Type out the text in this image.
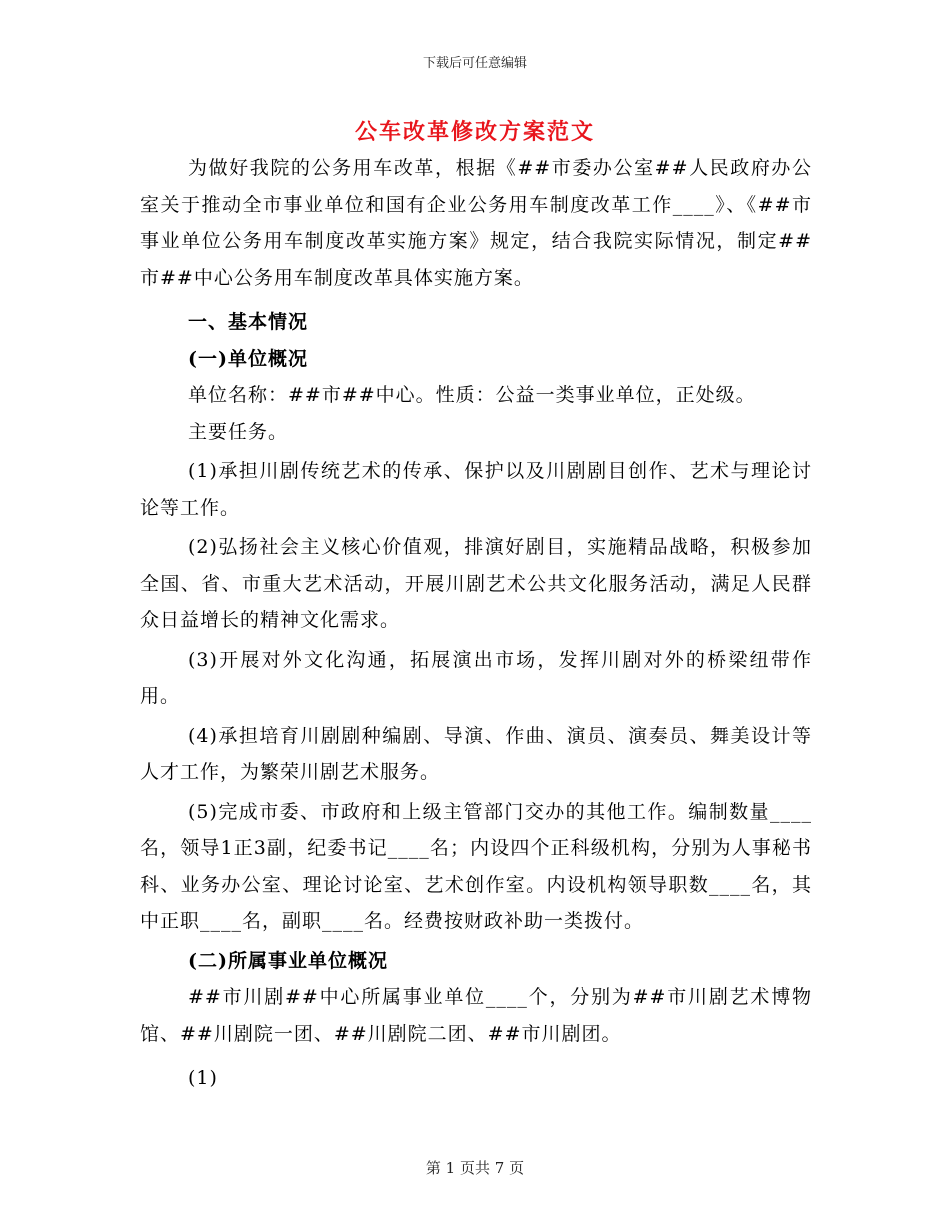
下载后可任意编辑
公车改革修改方案范文

为做好我院的公务用车改革，根据《##市委办公室##人民政府办公室关于推动全市事业单位和国有企业公务用车制度改革工作____》、《##市事业单位公务用车制度改革实施方案》规定，结合我院实际情况，制定##市##中心公务用车制度改革具体实施方案。

一、基本情况

(一)单位概况

单位名称：##市##中心。性质：公益一类事业单位，正处级。

主要任务。

(1)承担川剧传统艺术的传承、保护以及川剧剧目创作、艺术与理论讨论等工作。

(2)弘扬社会主义核心价值观，排演好剧目，实施精品战略，积极参加全国、省、市重大艺术活动，开展川剧艺术公共文化服务活动，满足人民群众日益增长的精神文化需求。

(3)开展对外文化沟通，拓展演出市场，发挥川剧对外的桥梁纽带作用。

(4)承担培育川剧剧种编剧、导演、作曲、演员、演奏员、舞美设计等人才工作，为繁荣川剧艺术服务。

(5)完成市委、市政府和上级主管部门交办的其他工作。编制数量____名，领导1正3副，纪委书记____名；内设四个正科级机构，分别为人事秘书科、业务办公室、理论讨论室、艺术创作室。内设机构领导职数____名，其中正职____名，副职____名。经费按财政补助一类拨付。

(二)所属事业单位概况

##市川剧##中心所属事业单位____个，分别为##市川剧艺术博物馆、##川剧院一团、##川剧院二团、##市川剧团。

(1)

第 1 页共 7 页
